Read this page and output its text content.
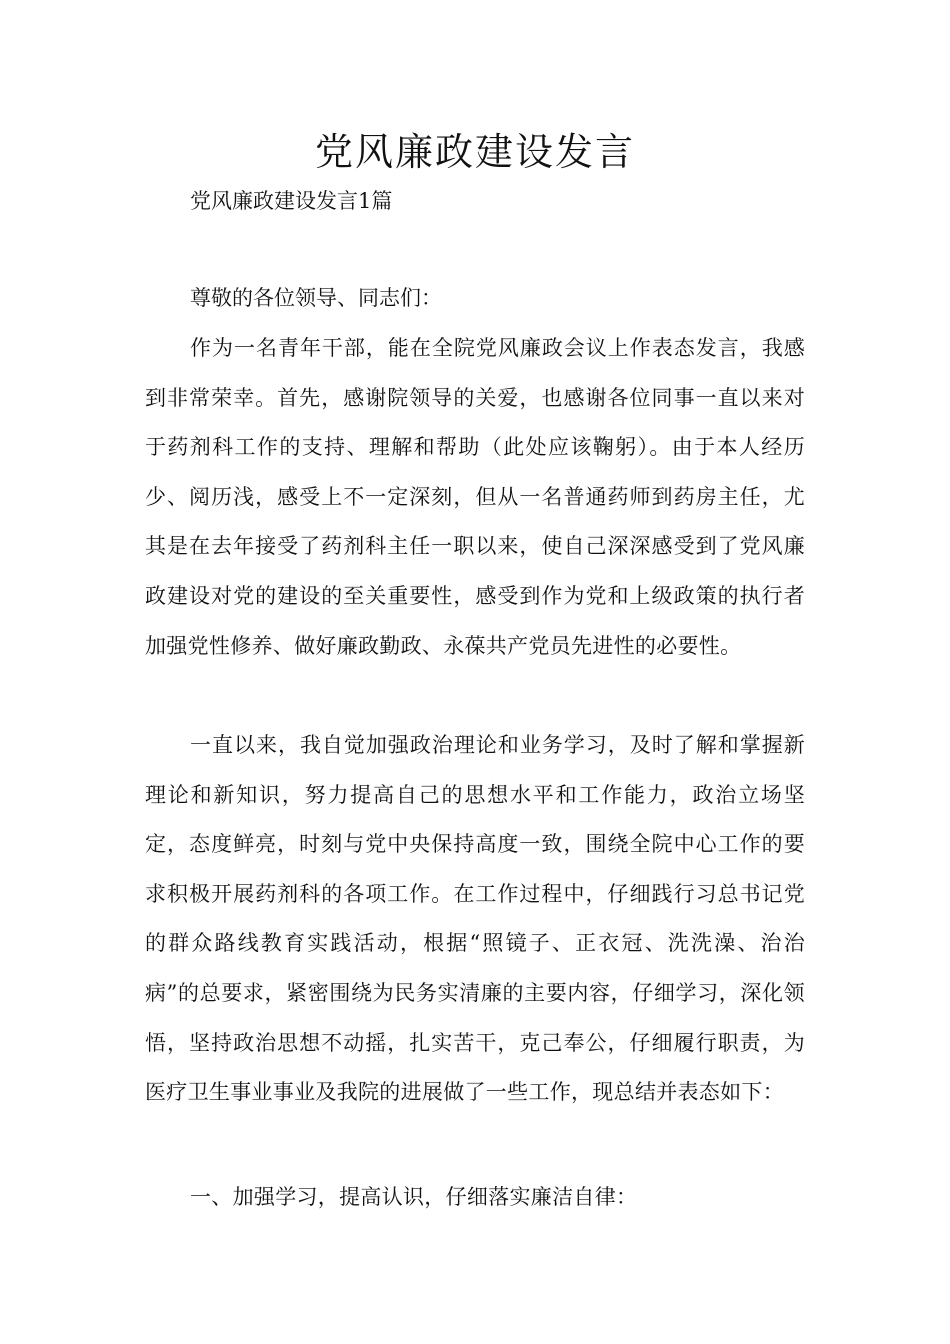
党风廉政建设发言

党风廉政建设发言1篇

尊敬的各位领导、同志们：

作为一名青年干部，能在全院党风廉政会议上作表态发言，我感到非常荣幸。首先，感谢院领导的关爱，也感谢各位同事一直以来对于药剂科工作的支持、理解和帮助（此处应该鞠躬）。由于本人经历少、阅历浅，感受上不一定深刻，但从一名普通药师到药房主任，尤其是在去年接受了药剂科主任一职以来，使自己深深感受到了党风廉政建设对党的建设的至关重要性，感受到作为党和上级政策的执行者加强党性修养、做好廉政勤政、永葆共产党员先进性的必要性。

一直以来，我自觉加强政治理论和业务学习，及时了解和掌握新理论和新知识，努力提高自己的思想水平和工作能力，政治立场坚定，态度鲜亮，时刻与党中央保持高度一致，围绕全院中心工作的要求积极开展药剂科的各项工作。在工作过程中，仔细践行习总书记党的群众路线教育实践活动，根据“照镜子、正衣冠、洗洗澡、治治病”的总要求，紧密围绕为民务实清廉的主要内容，仔细学习，深化领悟，坚持政治思想不动摇，扎实苦干，克己奉公，仔细履行职责，为医疗卫生事业事业及我院的进展做了一些工作，现总结并表态如下：

一、加强学习，提高认识，仔细落实廉洁自律：
